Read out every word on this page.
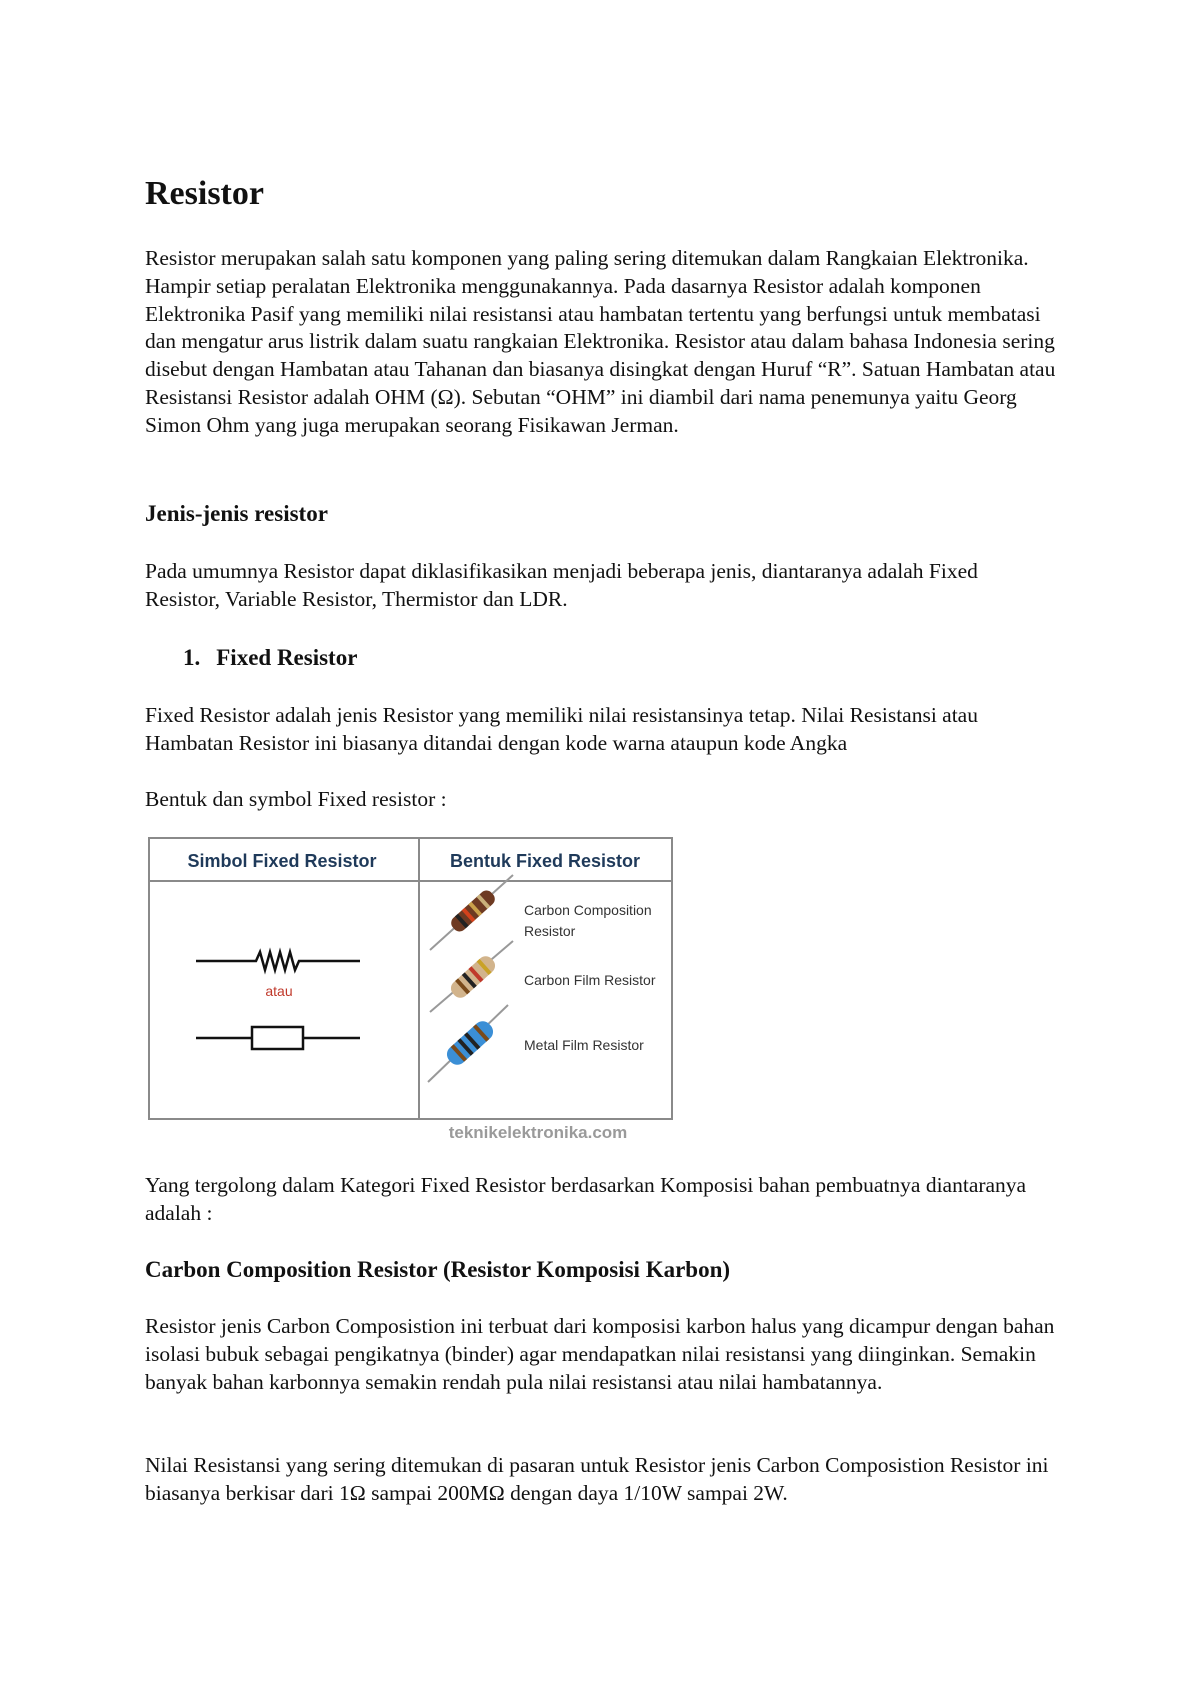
Resistor

Resistor merupakan salah satu komponen yang paling sering ditemukan dalam Rangkaian Elektronika. Hampir setiap peralatan Elektronika menggunakannya. Pada dasarnya Resistor adalah komponen Elektronika Pasif yang memiliki nilai resistansi atau hambatan tertentu yang berfungsi untuk membatasi dan mengatur arus listrik dalam suatu rangkaian Elektronika. Resistor atau dalam bahasa Indonesia sering disebut dengan Hambatan atau Tahanan dan biasanya disingkat dengan Huruf “R”. Satuan Hambatan atau Resistansi Resistor adalah OHM (Ω). Sebutan “OHM” ini diambil dari nama penemunya yaitu Georg Simon Ohm yang juga merupakan seorang Fisikawan Jerman.

Jenis-jenis resistor

Pada umumnya Resistor dapat diklasifikasikan menjadi beberapa jenis, diantaranya adalah Fixed Resistor, Variable Resistor, Thermistor dan LDR.

1. Fixed Resistor

Fixed Resistor adalah jenis Resistor yang memiliki nilai resistansinya tetap. Nilai Resistansi atau Hambatan Resistor ini biasanya ditandai dengan kode warna ataupun kode Angka

Bentuk dan symbol Fixed resistor :

Simbol Fixed Resistor	Bentuk Fixed Resistor
atau
Carbon Composition
Resistor
Carbon Film Resistor
Metal Film Resistor
teknikelektronika.com

Yang tergolong dalam Kategori Fixed Resistor berdasarkan Komposisi bahan pembuatnya diantaranya adalah :

Carbon Composition Resistor (Resistor Komposisi Karbon)

Resistor jenis Carbon Composistion ini terbuat dari komposisi karbon halus yang dicampur dengan bahan isolasi bubuk sebagai pengikatnya (binder) agar mendapatkan nilai resistansi yang diinginkan. Semakin banyak bahan karbonnya semakin rendah pula nilai resistansi atau nilai hambatannya.

Nilai Resistansi yang sering ditemukan di pasaran untuk Resistor jenis Carbon Composistion Resistor ini biasanya berkisar dari 1Ω sampai 200MΩ dengan daya 1/10W sampai 2W.
